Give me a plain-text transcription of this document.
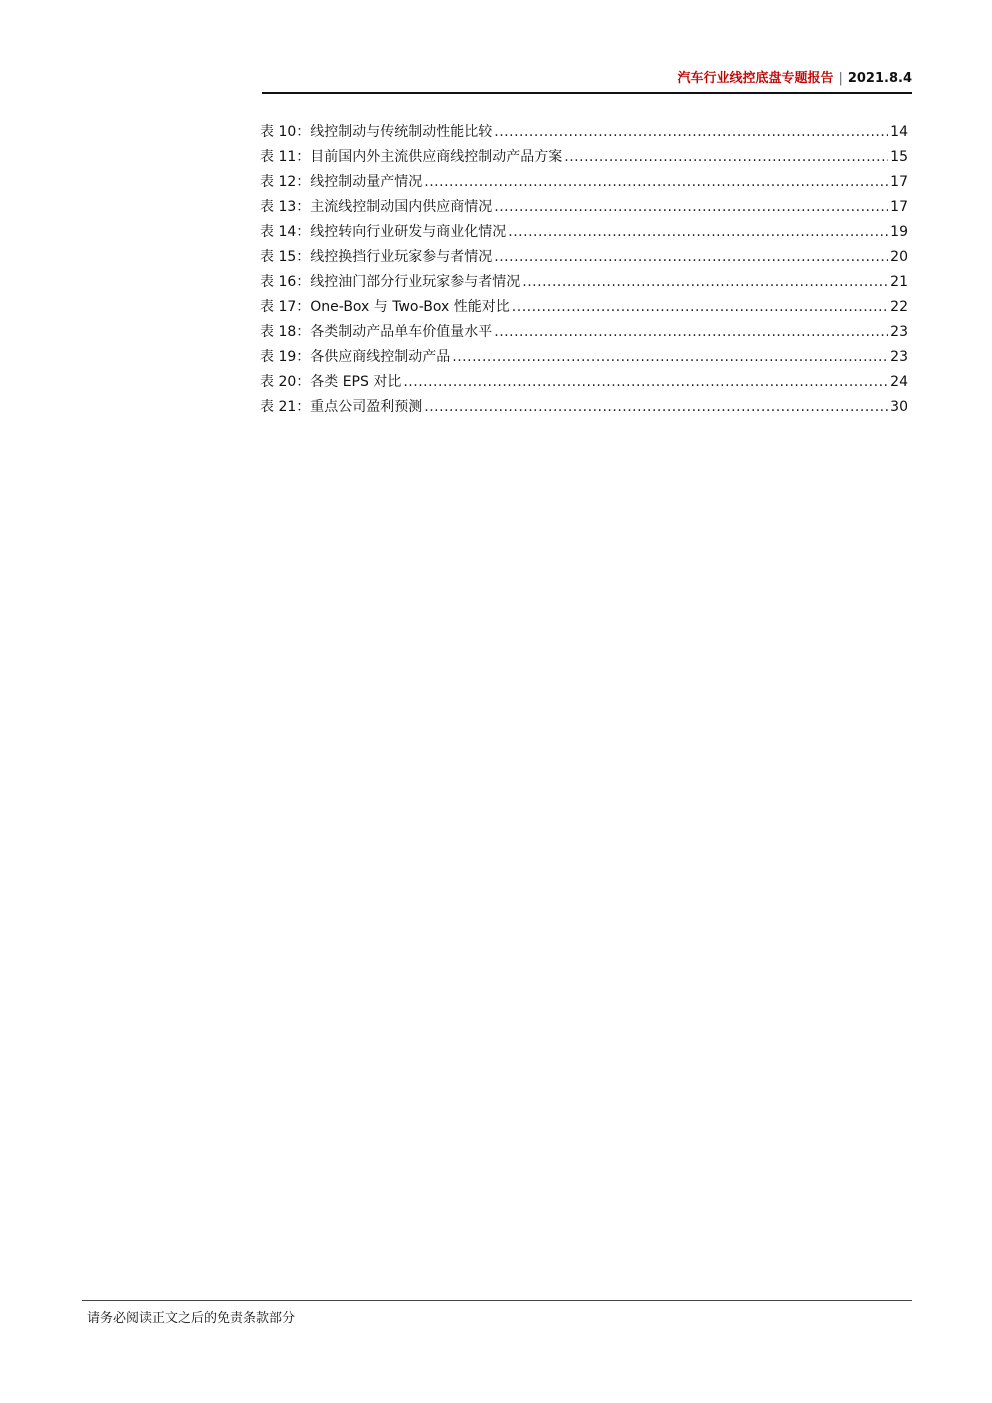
汽车行业线控底盘专题报告 | 2021.8.4
表 10：线控制动与传统制动性能比较 .....	14
表 11：目前国内外主流供应商线控制动产品方案 .....	15
表 12：线控制动量产情况 .....	17
表 13：主流线控制动国内供应商情况 .....	17
表 14：线控转向行业研发与商业化情况 .....	19
表 15：线控换挡行业玩家参与者情况 .....	20
表 16：线控油门部分行业玩家参与者情况 .....	21
表 17：One-Box 与 Two-Box 性能对比 .....	22
表 18：各类制动产品单车价值量水平 .....	23
表 19：各供应商线控制动产品 .....	23
表 20：各类 EPS 对比 .....	24
表 21：重点公司盈利预测 .....	30
请务必阅读正文之后的免责条款部分
